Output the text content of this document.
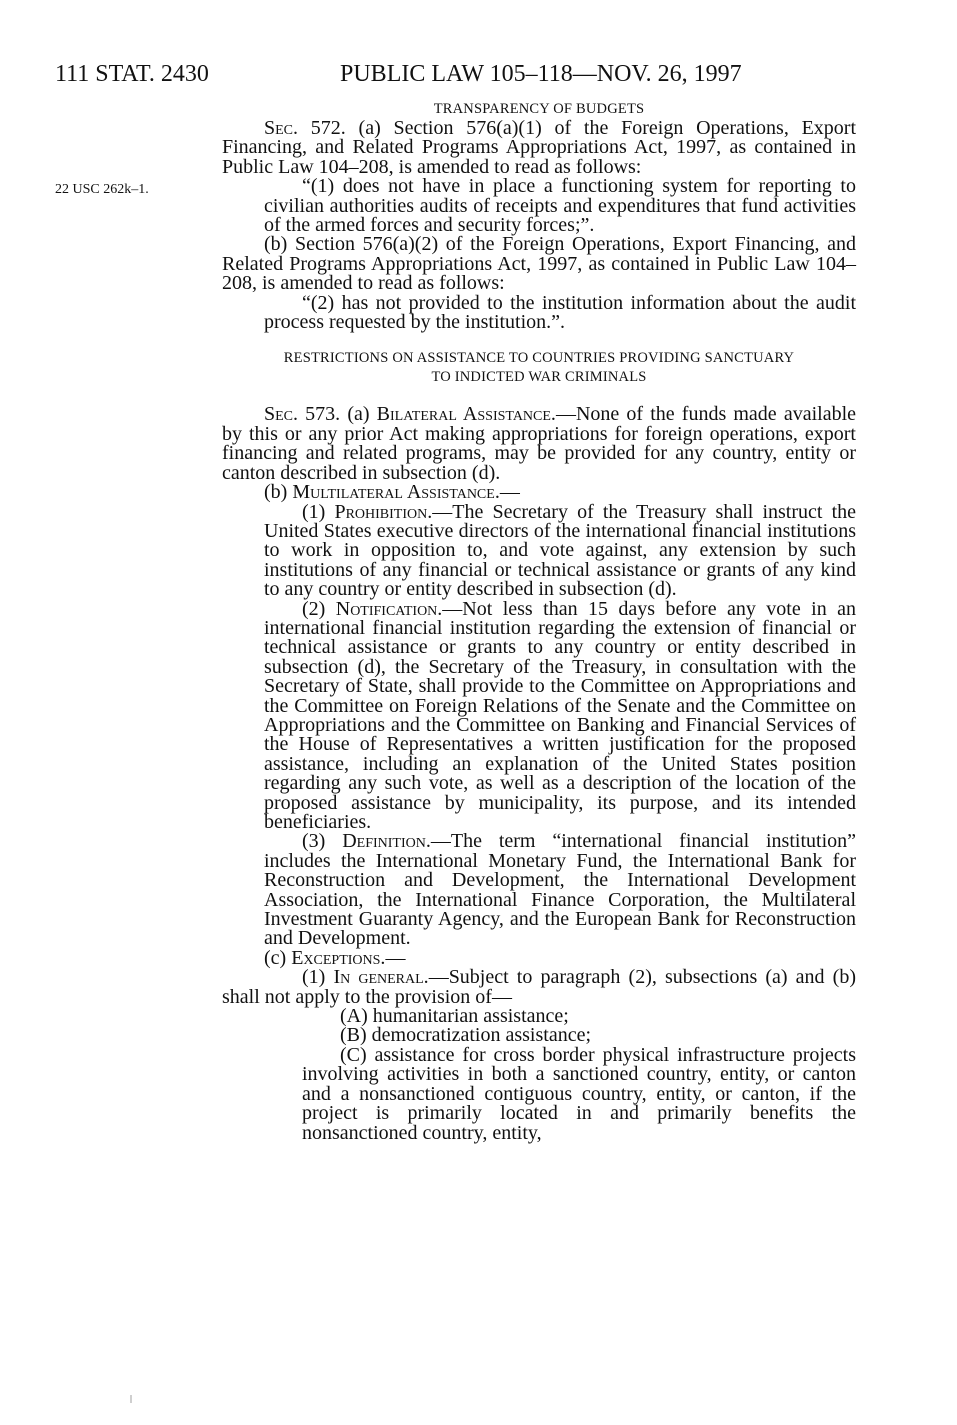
111 STAT. 2430	PUBLIC LAW 105–118—NOV. 26, 1997
22 USC 262k–1.

TRANSPARENCY OF BUDGETS

Sec. 572. (a) Section 576(a)(1) of the Foreign Operations, Export Financing, and Related Programs Appropriations Act, 1997, as contained in Public Law 104–208, is amended to read as follows:

“(1) does not have in place a functioning system for reporting to civilian authorities audits of receipts and expenditures that fund activities of the armed forces and security forces;”.

(b) Section 576(a)(2) of the Foreign Operations, Export Financing, and Related Programs Appropriations Act, 1997, as contained in Public Law 104–208, is amended to read as follows:

“(2) has not provided to the institution information about the audit process requested by the institution.”.

RESTRICTIONS ON ASSISTANCE TO COUNTRIES PROVIDING SANCTUARY
TO INDICTED WAR CRIMINALS

Sec. 573. (a) Bilateral Assistance.—None of the funds made available by this or any prior Act making appropriations for foreign operations, export financing and related programs, may be provided for any country, entity or canton described in subsection (d).

(b) Multilateral Assistance.—

(1) Prohibition.—The Secretary of the Treasury shall instruct the United States executive directors of the international financial institutions to work in opposition to, and vote against, any extension by such institutions of any financial or technical assistance or grants of any kind to any country or entity described in subsection (d).

(2) Notification.—Not less than 15 days before any vote in an international financial institution regarding the extension of financial or technical assistance or grants to any country or entity described in subsection (d), the Secretary of the Treasury, in consultation with the Secretary of State, shall provide to the Committee on Appropriations and the Committee on Foreign Relations of the Senate and the Committee on Appropriations and the Committee on Banking and Financial Services of the House of Representatives a written justification for the proposed assistance, including an explanation of the United States position regarding any such vote, as well as a description of the location of the proposed assistance by municipality, its purpose, and its intended beneficiaries.

(3) Definition.—The term “international financial institution” includes the International Monetary Fund, the International Bank for Reconstruction and Development, the International Development Association, the International Finance Corporation, the Multilateral Investment Guaranty Agency, and the European Bank for Reconstruction and Development.

(c) Exceptions.—

(1) In general.—Subject to paragraph (2), subsections (a) and (b) shall not apply to the provision of—

(A) humanitarian assistance;

(B) democratization assistance;

(C) assistance for cross border physical infrastructure projects involving activities in both a sanctioned country, entity, or canton and a nonsanctioned contiguous country, entity, or canton, if the project is primarily located in and primarily benefits the nonsanctioned country, entity,
